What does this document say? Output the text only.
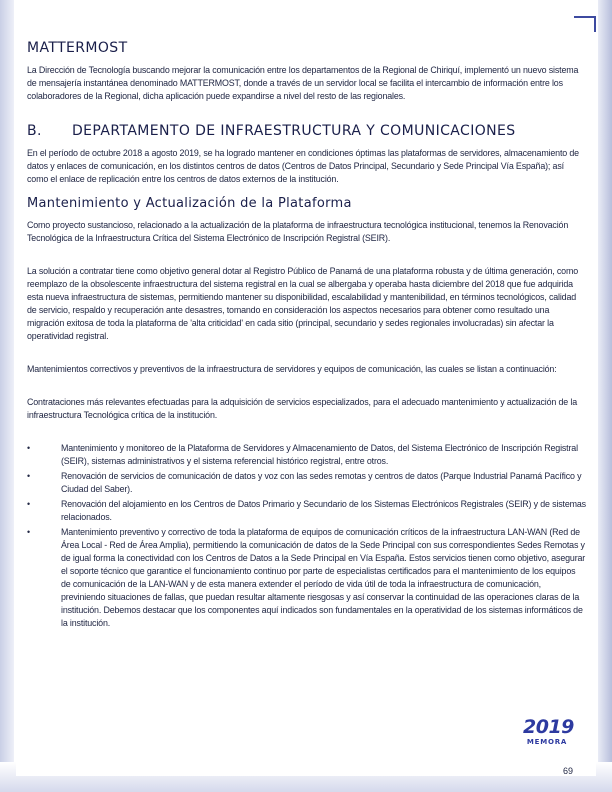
MATTERMOST

La Dirección de Tecnología buscando mejorar la comunicación entre los departamentos de la Regional de Chiriquí, implementó un nuevo sistema de mensajería instantánea denominado MATTERMOST, donde a través de un servidor local se facilita el intercambio de información entre los colaboradores de la Regional, dicha aplicación puede expandirse a nivel del resto de las regionales.

B. DEPARTAMENTO DE INFRAESTRUCTURA Y COMUNICACIONES

En el período de octubre 2018 a agosto 2019, se ha logrado mantener en condiciones óptimas las plataformas de servidores, almacenamiento de datos y enlaces de comunicación, en los distintos centros de datos (Centros de Datos Principal, Secundario y Sede Principal Vía España); así como el enlace de replicación entre los centros de datos externos de la institución.

Mantenimiento y Actualización de la Plataforma

Como proyecto sustancioso, relacionado a la actualización de la plataforma de infraestructura tecnológica institucional, tenemos la Renovación Tecnológica de la Infraestructura Crítica del Sistema Electrónico de Inscripción Registral (SEIR).

La solución a contratar tiene como objetivo general dotar al Registro Público de Panamá de una plataforma robusta y de última generación, como reemplazo de la obsolescente infraestructura del sistema registral en la cual se albergaba y operaba hasta diciembre del 2018 que fue adquirida esta nueva infraestructura de sistemas, permitiendo mantener su disponibilidad, escalabilidad y mantenibilidad, en términos tecnológicos, calidad de servicio, respaldo y recuperación ante desastres, tomando en consideración los aspectos necesarios para obtener como resultado una migración exitosa de toda la plataforma de 'alta criticidad' en cada sitio (principal, secundario y sedes regionales involucradas) sin afectar la operatividad registral.

Mantenimientos correctivos y preventivos de la infraestructura de servidores y equipos de comunicación, las cuales se listan a continuación:

Contrataciones más relevantes efectuadas para la adquisición de servicios especializados, para el adecuado mantenimiento y actualización de la infraestructura Tecnológica crítica de la institución.

•	Mantenimiento y monitoreo de la Plataforma de Servidores y Almacenamiento de Datos, del Sistema Electrónico de Inscripción Registral (SEIR), sistemas administrativos y el sistema referencial histórico registral, entre otros.
•	Renovación de servicios de comunicación de datos y voz con las sedes remotas y centros de datos (Parque Industrial Panamá Pacífico y Ciudad del Saber).
•	Renovación del alojamiento en los Centros de Datos Primario y Secundario de los Sistemas Electrónicos Registrales (SEIR) y de sistemas relacionados.
•	Mantenimiento preventivo y correctivo de toda la plataforma de equipos de comunicación críticos de la infraestructura LAN-WAN (Red de Área Local - Red de Área Amplia), permitiendo la comunicación de datos de la Sede Principal con sus correspondientes Sedes Remotas y de igual forma la conectividad con los Centros de Datos a la Sede Principal en Vía España. Estos servicios tienen como objetivo, asegurar el soporte técnico que garantice el funcionamiento continuo por parte de especialistas certificados para el mantenimiento de los equipos de comunicación de la LAN-WAN y de esta manera extender el período de vida útil de toda la infraestructura de comunicación, previniendo situaciones de fallas, que puedan resultar altamente riesgosas y así conservar la continuidad de las operaciones claras de la institución. Debemos destacar que los componentes aquí indicados son fundamentales en la operatividad de los sistemas informáticos de la institución.
2019
MEMORA
69
